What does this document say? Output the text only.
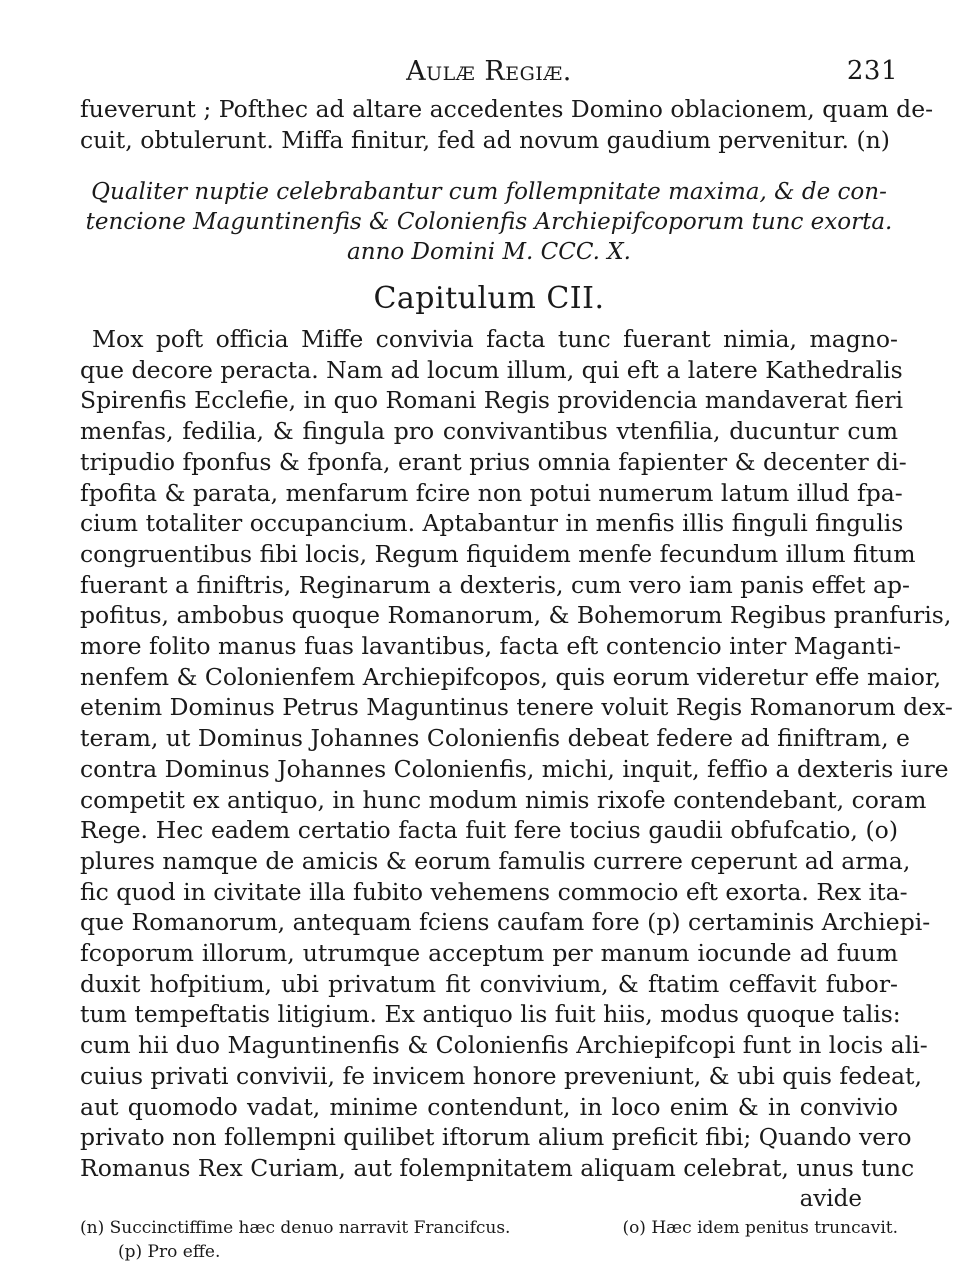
Aulæ Regiæ.	231
fueverunt ; Pofthec ad altare accedentes Domino oblacionem, quam de-
cuit, obtulerunt. Miffa finitur, fed ad novum gaudium pervenitur. (n)
Qualiter nuptie celebrabantur cum follempnitate maxima, & de con-
tencione Maguntinenfis & Colonienfis Archiepifcoporum tunc exorta.
anno Domini M. CCC. X.
Capitulum CII.
Mox poft officia Miffe convivia facta tunc fuerant nimia, magno-
que decore peracta. Nam ad locum illum, qui eft a latere Kathedralis
Spirenfis Ecclefie, in quo Romani Regis providencia mandaverat fieri
menfas, fedilia, & fingula pro convivantibus vtenfilia, ducuntur cum
tripudio fponfus & fponfa, erant prius omnia fapienter & decenter di-
fpofita & parata, menfarum fcire non potui numerum latum illud fpa-
cium totaliter occupancium. Aptabantur in menfis illis finguli fingulis
congruentibus fibi locis, Regum fiquidem menfe fecundum illum fitum
fuerant a finiftris, Reginarum a dexteris, cum vero iam panis effet ap-
pofitus, ambobus quoque Romanorum, & Bohemorum Regibus pranfuris,
more folito manus fuas lavantibus, facta eft contencio inter Maganti-
nenfem & Colonienfem Archiepifcopos, quis eorum videretur effe maior,
etenim Dominus Petrus Maguntinus tenere voluit Regis Romanorum dex-
teram, ut Dominus Johannes Colonienfis debeat federe ad finiftram, e
contra Dominus Johannes Colonienfis, michi, inquit, feffio a dexteris iure
competit ex antiquo, in hunc modum nimis rixofe contendebant, coram
Rege. Hec eadem certatio facta fuit fere tocius gaudii obfufcatio, (o)
plures namque de amicis & eorum famulis currere ceperunt ad arma,
fic quod in civitate illa fubito vehemens commocio eft exorta. Rex ita-
que Romanorum, antequam fciens caufam fore (p) certaminis Archiepi-
fcoporum illorum, utrumque acceptum per manum iocunde ad fuum
duxit hofpitium, ubi privatum fit convivium, & ftatim ceffavit fubor-
tum tempeftatis litigium. Ex antiquo lis fuit hiis, modus quoque talis:
cum hii duo Maguntinenfis & Colonienfis Archiepifcopi funt in locis ali-
cuius privati convivii, fe invicem honore preveniunt, & ubi quis fedeat,
aut quomodo vadat, minime contendunt, in loco enim & in convivio
privato non follempni quilibet iftorum alium preficit fibi; Quando vero
Romanus Rex Curiam, aut folempnitatem aliquam celebrat, unus tunc
avide
(n) Succinctiffime hæc denuo narravit Francifcus.	(o) Hæc idem penitus truncavit.
(p) Pro effe.
